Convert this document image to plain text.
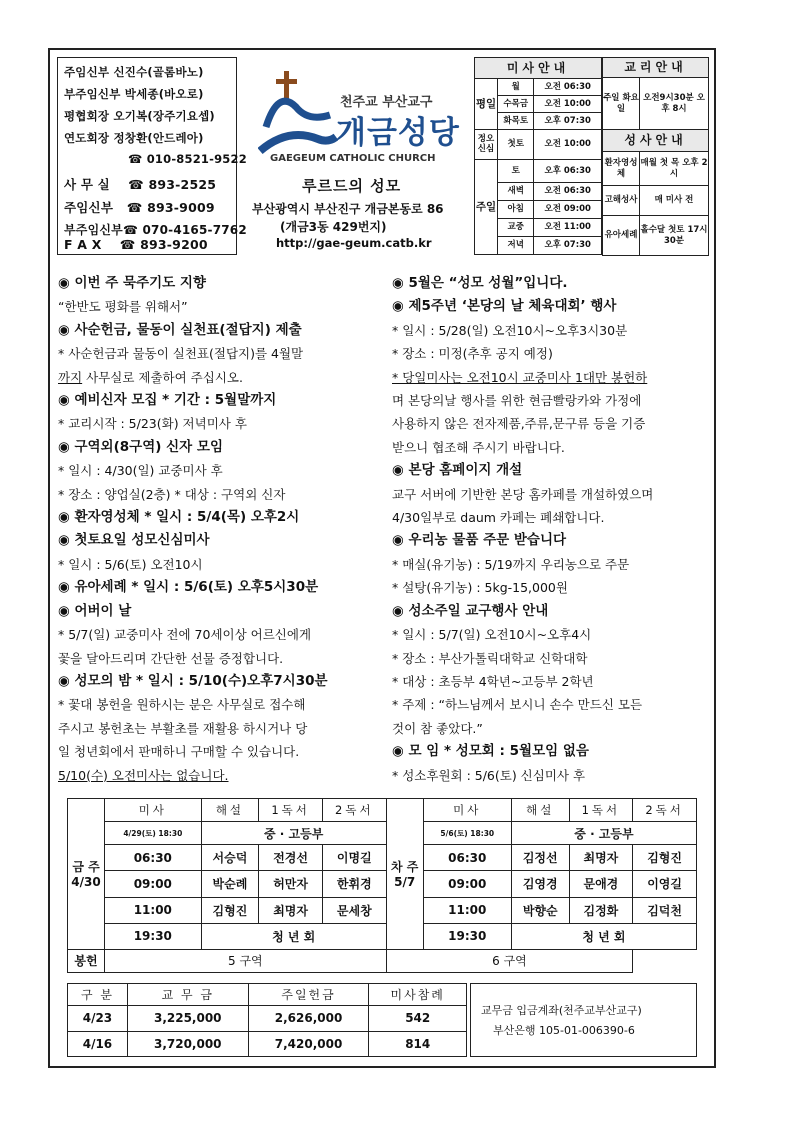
주임신부 신진수(골롬바노)
부주임신부 박세종(바오로)
평협회장 오기복(장주기요셉)
연도회장 정창환(안드레아)
☎ 010-8521-9522
사 무 실 ☎ 893-2525
주임신부 ☎ 893-9009
부주임신부☎ 070-4165-7762
F A X ☎ 893-9200
천주교 부산교구
개금성당
GAEGEUM CATHOLIC CHURCH
루르드의 성모
부산광역시 부산진구 개금본동로 86
(개금3동 429번지)
http://gae-geum.catb.kr
미사안내		
평일	월	오전 06:30
	수목금	오전 10:00
	화목토	오후 07:30
정오 신심	첫토	오전 10:00
주일	토	오후 06:30
	새벽	오전 06:30
	아침	오전 09:00
	교중	오전 11:00
	저녁	오후 07:30
교리안내	
주일 화요일	오전9시30분 오후 8시
성사안내	
환자영성체	매월 첫 목 오후 2시
고해성사	매 미사 전
유아세례	홀수달 첫토 17시30분
◉ 이번 주 묵주기도 지향
“한반도 평화를 위해서”
◉ 사순헌금, 물동이 실천표(절답지) 제출
* 사순헌금과 물동이 실천표(절답지)를 4월말
까지 사무실로 제출하여 주십시오.
◉ 예비신자 모집 * 기간 : 5월말까지
* 교리시작 : 5/23(화) 저녁미사 후
◉ 구역외(8구역) 신자 모임
* 일시 : 4/30(일) 교중미사 후
* 장소 : 양업실(2층) * 대상 : 구역외 신자
◉ 환자영성체 * 일시 : 5/4(목) 오후2시
◉ 첫토요일 성모신심미사
* 일시 : 5/6(토) 오전10시
◉ 유아세례 * 일시 : 5/6(토) 오후5시30분
◉ 어버이 날
* 5/7(일) 교중미사 전에 70세이상 어르신에게
꽃을 달아드리며 간단한 선물 증정합니다.
◉ 성모의 밤 * 일시 : 5/10(수)오후7시30분
* 꽃대 봉헌을 원하시는 분은 사무실로 접수해
주시고 봉헌초는 부활초를 재활용 하시거나 당
일 청년회에서 판매하니 구매할 수 있습니다.
5/10(수) 오전미사는 없습니다.
◉ 5월은 “성모 성월”입니다.
◉ 제5주년 ‘본당의 날 체육대회’ 행사
* 일시 : 5/28(일) 오전10시~오후3시30분
* 장소 : 미정(추후 공지 예정)
* 당일미사는 오전10시 교중미사 1대만 봉헌하
며 본당의날 행사를 위한 현금빨랑카와 가정에
사용하지 않은 전자제품,주류,문구류 등을 기증
받으니 협조해 주시기 바랍니다.
◉ 본당 홈페이지 개설
교구 서버에 기반한 본당 홈카페를 개설하였으며
4/30일부로 daum 카페는 폐쇄합니다.
◉ 우리농 물품 주문 받습니다
* 매실(유기농) : 5/19까지 우리농으로 주문
* 설탕(유기농) : 5kg-15,000원
◉ 성소주일 교구행사 안내
* 일시 : 5/7(일) 오전10시~오후4시
* 장소 : 부산가톨릭대학교 신학대학
* 대상 : 초등부 4학년~고등부 2학년
* 주제 : “하느님께서 보시니 손수 만드신 모든
것이 참 좋았다.”
◉ 모 임 * 성모회 : 5월모임 없음
* 성소후원회 : 5/6(토) 신심미사 후
금 주 4/30	미사	해설	1독서	2독서	차 주 5/7	미사	해설	1독서	2독서
	4/29(토) 18:30	중 · 고등부				5/6(토) 18:30	중 · 고등부		
	06:30	서승덕	전경선	이명길		06:30	김정선	최명자	김형진
	09:00	박순례	허만자	한휘경		09:00	김영경	문애경	이영길
	11:00	김형진	최명자	문세창		11:00	박향순	김정화	김덕천
	19:30	청 년 회				19:30	청 년 회		
봉헌	5 구역				6 구역				
구 분	교 무 금	주일헌금	미사참례
4/23	3,225,000	2,626,000	542
4/16	3,720,000	7,420,000	814
교무금 입금계좌(천주교부산교구)
부산은행 105-01-006390-6
